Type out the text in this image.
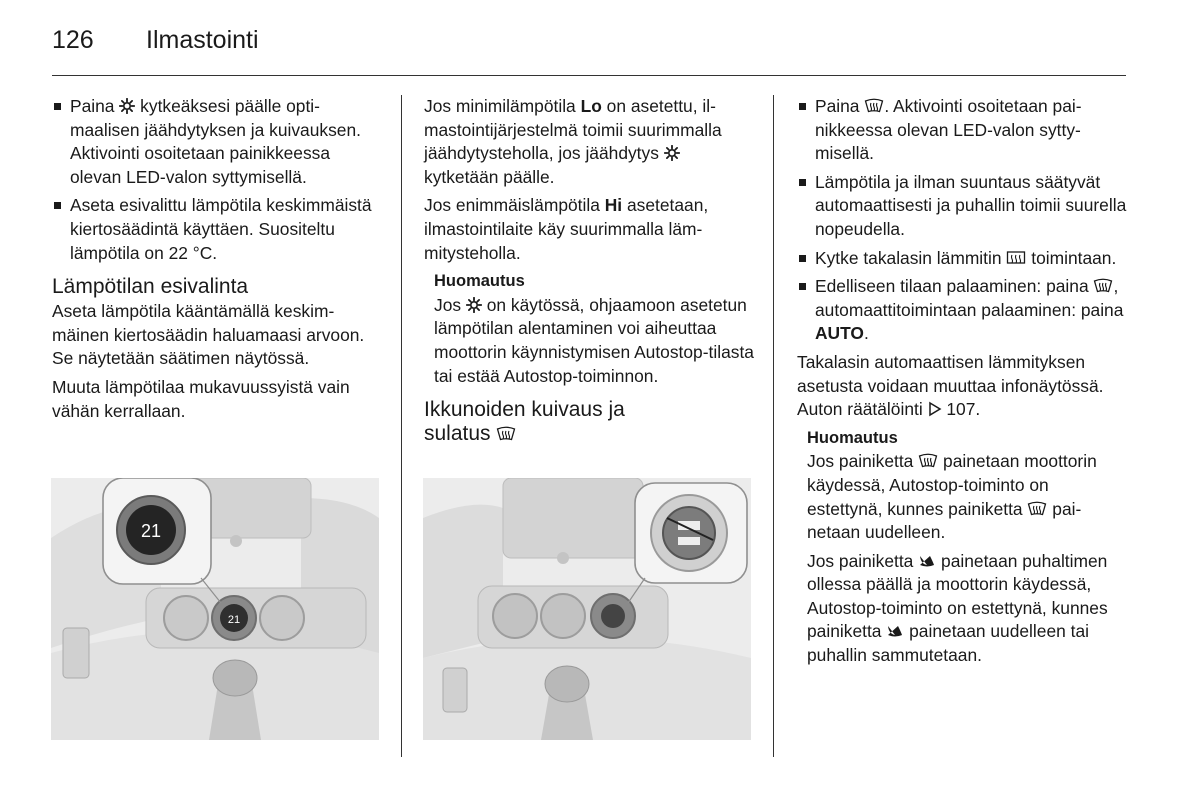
126 Ilmastointi
Paina kytkeäksesi päälle optimaalisen jäähdytyksen ja kuivauksen. Aktivointi osoitetaan painikkeessa olevan LED-valon syttymisellä.
Aseta esivalittu lämpötila keskimmäistä kiertosäädintä käyttäen. Suositeltu lämpötila on 22 °C.
Lämpötilan esivalinta

Aseta lämpötila kääntämällä keskimmäinen kiertosäädin haluamaasi arvoon. Se näytetään säätimen näytössä.

Muuta lämpötilaa mukavuussyistä vain vähän kerrallaan.

21
21

Jos minimilämpötila Lo on asetettu, ilmastointijärjestelmä toimii suurimmalla jäähdytysteholla, jos jäähdytys  kytketään päälle.

Jos enimmäislämpötila Hi asetetaan, ilmastointilaite käy suurimmalla lämmitysteholla.

Huomautus
Jos on käytössä, ohjaamoon asetetun lämpötilan alentaminen voi aiheuttaa moottorin käynnistymisen Autostop-tilasta tai estää Autostop-toiminnon.
Ikkunoiden kuivaus ja
sulatus
Paina . Aktivointi osoitetaan painikkeessa olevan LED-valon syttymisellä.
Lämpötila ja ilman suuntaus säätyvät automaattisesti ja puhallin toimii suurella nopeudella.
Kytke takalasin lämmitin toimintaan.
Edelliseen tilaan palaaminen: paina , automaattitoimintaan palaaminen: paina AUTO.

Takalasin automaattisen lämmityksen asetusta voidaan muuttaa infonäytössä. Auton räätälöinti 107.

Huomautus

Jos painiketta painetaan moottorin käydessä, Autostop-toiminto on estettynä, kunnes painiketta painetaan uudelleen.

Jos painiketta painetaan puhaltimen ollessa päällä ja moottorin käydessä, Autostop-toiminto on estettynä, kunnes painiketta painetaan uudelleen tai puhallin sammutetaan.
